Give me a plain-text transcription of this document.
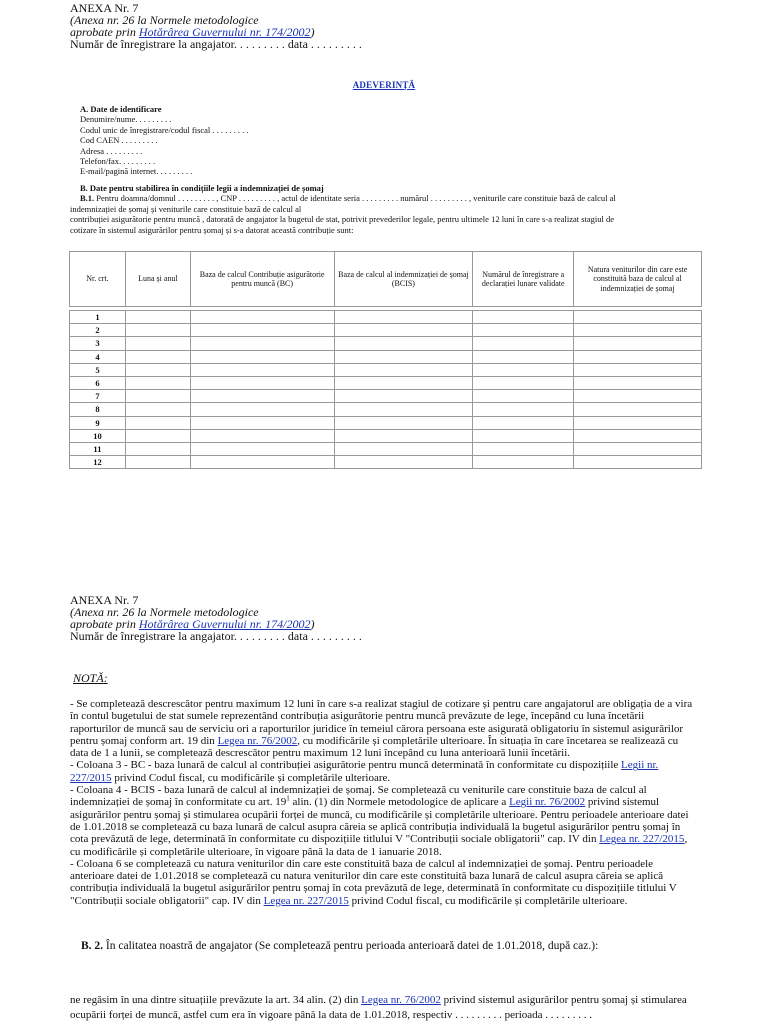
ANEXA Nr. 7
(Anexa nr. 26 la Normele metodologice
aprobate prin Hotărârea Guvernului nr. 174/2002)
Număr de înregistrare la angajator. . . . . . . . . data . . . . . . . . .
ADEVERINȚĂ
A. Date de identificare
Denumire/nume. . . . . . . . .
Codul unic de înregistrare/codul fiscal . . . . . . . . .
Cod CAEN . . . . . . . . .
Adresa . . . . . . . . .
Telefon/fax. . . . . . . . .
E-mail/pagină internet. . . . . . . . .
B. Date pentru stabilirea în condițiile legii a indemnizației de șomaj
B.1. Pentru doamna/domnul . . . . . . . . . , CNP . . . . . . . . . , actul de identitate seria . . . . . . . . . numărul . . . . . . . . . , veniturile care constituie bază de calcul al
indemnizației de șomaj și veniturile care constituie bază de calcul al
contribuției asigurătorie pentru muncă , datorată de angajator la bugetul de stat, potrivit prevederilor legale, pentru ultimele 12 luni în care s-a realizat stagiul de
cotizare în sistemul asigurărilor pentru șomaj și s-a datorat această contribuție sunt:
Nr. crt.	Luna și anul	Baza de calcul Contribuție asigurătorie pentru muncă (BC)	Baza de calcul al indemnizației de șomaj (BCIS)	Numărul de înregistrare a declarației lunare validate	Natura veniturilor din care este constituită baza de calcul al indemnizației de șomaj

1					
2					
3					
4					
5					
6					
7					
8					
9					
10					
11					
12					
ANEXA Nr. 7
(Anexa nr. 26 la Normele metodologice
aprobate prin Hotărârea Guvernului nr. 174/2002)
Număr de înregistrare la angajator. . . . . . . . . data . . . . . . . . .
NOTĂ:

- Se completează descrescător pentru maximum 12 luni în care s-a realizat stagiul de cotizare și pentru care angajatorul are obligația de a vira în contul bugetului de stat sumele reprezentând contribuția asigurătorie pentru muncă prevăzute de lege, începând cu luna încetării raporturilor de muncă sau de serviciu ori a raporturilor juridice în temeiul cărora persoana este asigurată obligatoriu în sistemul asigurărilor pentru șomaj conform art. 19 din Legea nr. 76/2002, cu modificările și completările ulterioare. În situația în care încetarea se realizează cu data de 1 a lunii, se completează descrescător pentru maximum 12 luni începând cu luna anterioară lunii încetării.

- Coloana 3 - BC - baza lunară de calcul al contribuției asigurătorie pentru muncă determinată în conformitate cu dispozițiile Legii nr. 227/2015 privind Codul fiscal, cu modificările și completările ulterioare.

- Coloana 4 - BCIS - baza lunară de calcul al indemnizației de șomaj. Se completează cu veniturile care constituie baza de calcul al indemnizației de șomaj în conformitate cu art. $19^1$ alin. (1) din Normele metodologice de aplicare a Legii nr. 76/2002 privind sistemul asigurărilor pentru șomaj și stimularea ocupării forței de muncă, cu modificările și completările ulterioare. Pentru perioadele anterioare datei de 1.01.2018 se completează cu baza lunară de calcul asupra căreia se aplică contribuția individuală la bugetul asigurărilor pentru șomaj în cota prevăzută de lege, determinată în conformitate cu dispozițiile titlului V "Contribuții sociale obligatorii" cap. IV din Legea nr. 227/2015, cu modificările și completările ulterioare, în vigoare până la data de 1 ianuarie 2018.

- Coloana 6 se completează cu natura veniturilor din care este constituită baza de calcul al indemnizației de șomaj. Pentru perioadele anterioare datei de 1.01.2018 se completează cu natura veniturilor din care este constituită baza lunară de calcul asupra căreia se aplică contribuția individuală la bugetul asigurărilor pentru șomaj în cota prevăzută de lege, determinată în conformitate cu dispozițiile titlului V "Contribuții sociale obligatorii" cap. IV din Legea nr. 227/2015 privind Codul fiscal, cu modificările și completările ulterioare.

B. 2. În calitatea noastră de angajator (Se completează pentru perioada anterioară datei de 1.01.2018, după caz.):
ne regăsim în una dintre situațiile prevăzute la art. 34 alin. (2) din Legea nr. 76/2002 privind sistemul asigurărilor pentru șomaj și stimularea ocupării forței de muncă, astfel cum era în vigoare până la data de 1.01.2018, respectiv . . . . . . . . . perioada . . . . . . . . .
